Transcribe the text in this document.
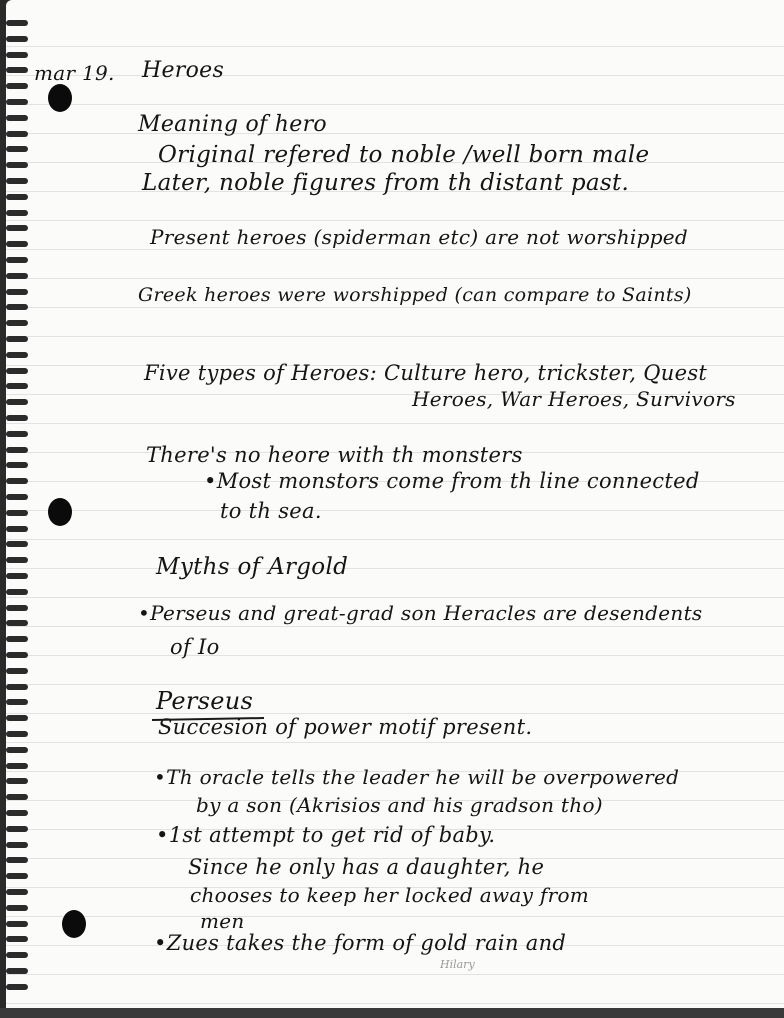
mar 19. Heroes
Meaning of hero
Original refered to noble /well born male
Later, noble figures from th distant past.
Present heroes (spiderman etc) are not worshipped
Greek heroes were worshipped (can compare to Saints)
Five types of Heroes: Culture hero, trickster, Quest
Heroes, War Heroes, Survivors
There's no heore with th monsters
• Most monstors come from th line connected
to th sea.
Myths of Argold
• Perseus and great-grad son Heracles are desendents
of Io
Perseus
Succesion of power motif present.
• Th oracle tells the leader he will be overpowered
by a son (Akrisios and his gradson tho)
• 1st attempt to get rid of baby.
Since he only has a daughter, he
chooses to keep her locked away from
men
• Zues takes the form of gold rain and
Hilary
